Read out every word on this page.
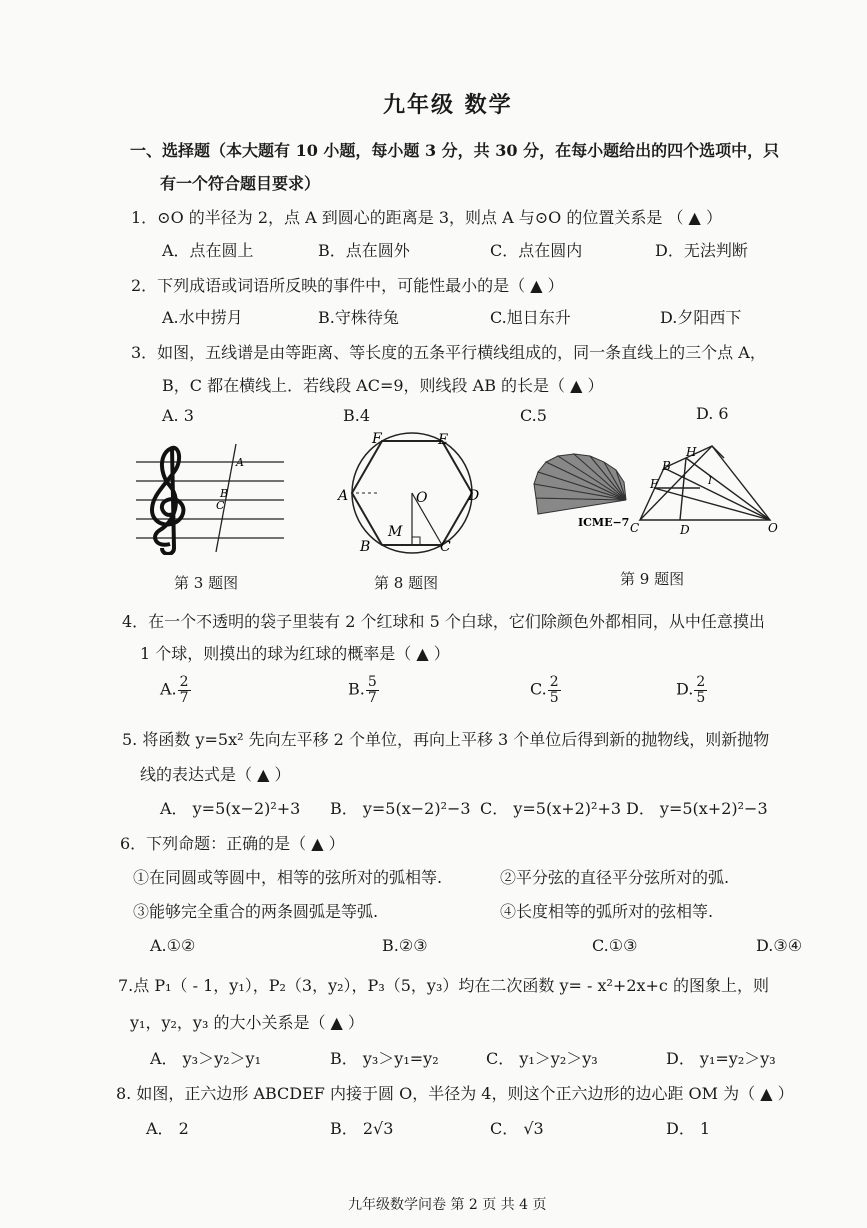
九年级 数学
一、选择题（本大题有 10 小题，每小题 3 分，共 30 分，在每小题给出的四个选项中，只
有一个符合题目要求）
1．⊙O 的半径为 2，点 A 到圆心的距离是 3，则点 A 与⊙O 的位置关系是 （ ▲ ）
A．点在圆上	B．点在圆外	C．点在圆内	D．无法判断
2．下列成语或词语所反映的事件中，可能性最小的是（ ▲ ）
A.水中捞月	B.守株待兔	C.旭日东升	D.夕阳西下
3．如图，五线谱是由等距离、等长度的五条平行横线组成的，同一条直线上的三个点 A，
B，C 都在横线上．若线段 AC=9，则线段 AB 的长是（ ▲ ）
A. 3	B.4	C.5	D. 6
A
B
C
第 3 题图
F	E
A	O	D
M
B	C
第 8 题图
ICME−7
H
B
I
F
C	D	O
第 9 题图
4．在一个不透明的袋子里装有 2 个红球和 5 个白球，它们除颜色外都相同，从中任意摸出
1 个球，则摸出的球为红球的概率是（ ▲ ）
A. $\frac{2}{7}$	B. $\frac{5}{7}$	C. $\frac{2}{5}$	D. $\frac{2}{5}$
5. 将函数 y=5x² 先向左平移 2 个单位，再向上平移 3 个单位后得到新的抛物线，则新抛物
线的表达式是（ ▲ ）
A． y=5(x−2)²+3 B． y=5(x−2)²−3 C． y=5(x+2)²+3 D． y=5(x+2)²−3
6．下列命题：正确的是（ ▲ ）
①在同圆或等圆中，相等的弦所对的弧相等.	②平分弦的直径平分弦所对的弧.
③能够完全重合的两条圆弧是等弧.	④长度相等的弧所对的弦相等.
A.①②	B.②③	C.①③	D.③④
7.点 P₁（ - 1，y₁），P₂（3，y₂），P₃（5，y₃）均在二次函数 y= - x²+2x+c 的图象上，则
y₁，y₂，y₃ 的大小关系是（ ▲ ）
A． y₃＞y₂＞y₁	B． y₃＞y₁=y₂	C． y₁＞y₂＞y₃	D． y₁=y₂＞y₃
8. 如图，正六边形 ABCDEF 内接于圆 O，半径为 4，则这个正六边形的边心距 OM 为（ ▲ ）
A． 2	B． 2√3	C． √3	D． 1
九年级数学问卷 第 2 页 共 4 页
